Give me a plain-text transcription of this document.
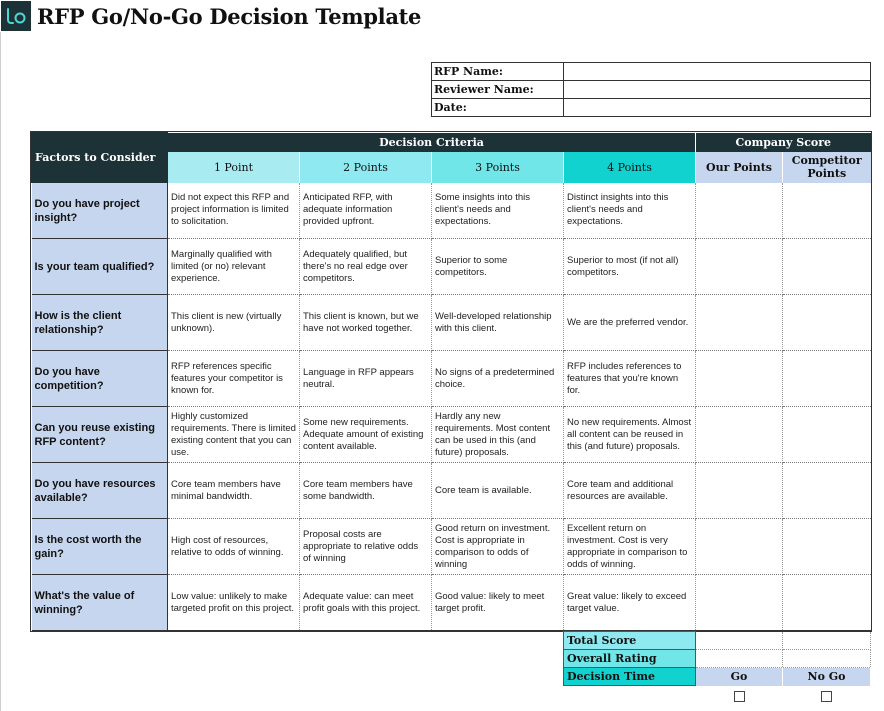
RFP Go/No-Go Decision Template
RFP Name:	
Reviewer Name:	
Date:	
Factors to Consider	Decision Criteria				Company Score	
	1 Point	2 Points	3 Points	4 Points	Our Points	Competitor Points
Do you have project insight?	Did not expect this RFP and project information is limited to solicitation.	Anticipated RFP, with adequate information provided upfront.	Some insights into this client's needs and expectations.	Distinct insights into this client's needs and expectations.		
Is your team qualified?	Marginally qualified with limited (or no) relevant experience.	Adequately qualified, but there's no real edge over competitors.	Superior to some competitors.	Superior to most (if not all) competitors.		
How is the client relationship?	This client is new (virtually unknown).	This client is known, but we have not worked together.	Well-developed relationship with this client.	We are the preferred vendor.		
Do you have competition?	RFP references specific features your competitor is known for.	Language in RFP appears neutral.	No signs of a predetermined choice.	RFP includes references to features that you're known for.		
Can you reuse existing RFP content?	Highly customized requirements. There is limited existing content that you can use.	Some new requirements. Adequate amount of existing content available.	Hardly any new requirements. Most content can be used in this (and future) proposals.	No new requirements. Almost all content can be reused in this (and future) proposals.		
Do you have resources available?	Core team members have minimal bandwidth.	Core team members have some bandwidth.	Core team is available.	Core team and additional resources are available.		
Is the cost worth the gain?	High cost of resources, relative to odds of winning.	Proposal costs are appropriate to relative odds of winning	Good return on investment. Cost is appropriate in comparison to odds of winning	Excellent return on investment. Cost is very appropriate in comparison to odds of winning.		
What's the value of winning?	Low value: unlikely to make targeted profit on this project.	Adequate value: can meet profit goals with this project.	Good value: likely to meet target profit.	Great value: likely to exceed target value.		
Total Score		
Overall Rating		
Decision Time	Go	No Go
